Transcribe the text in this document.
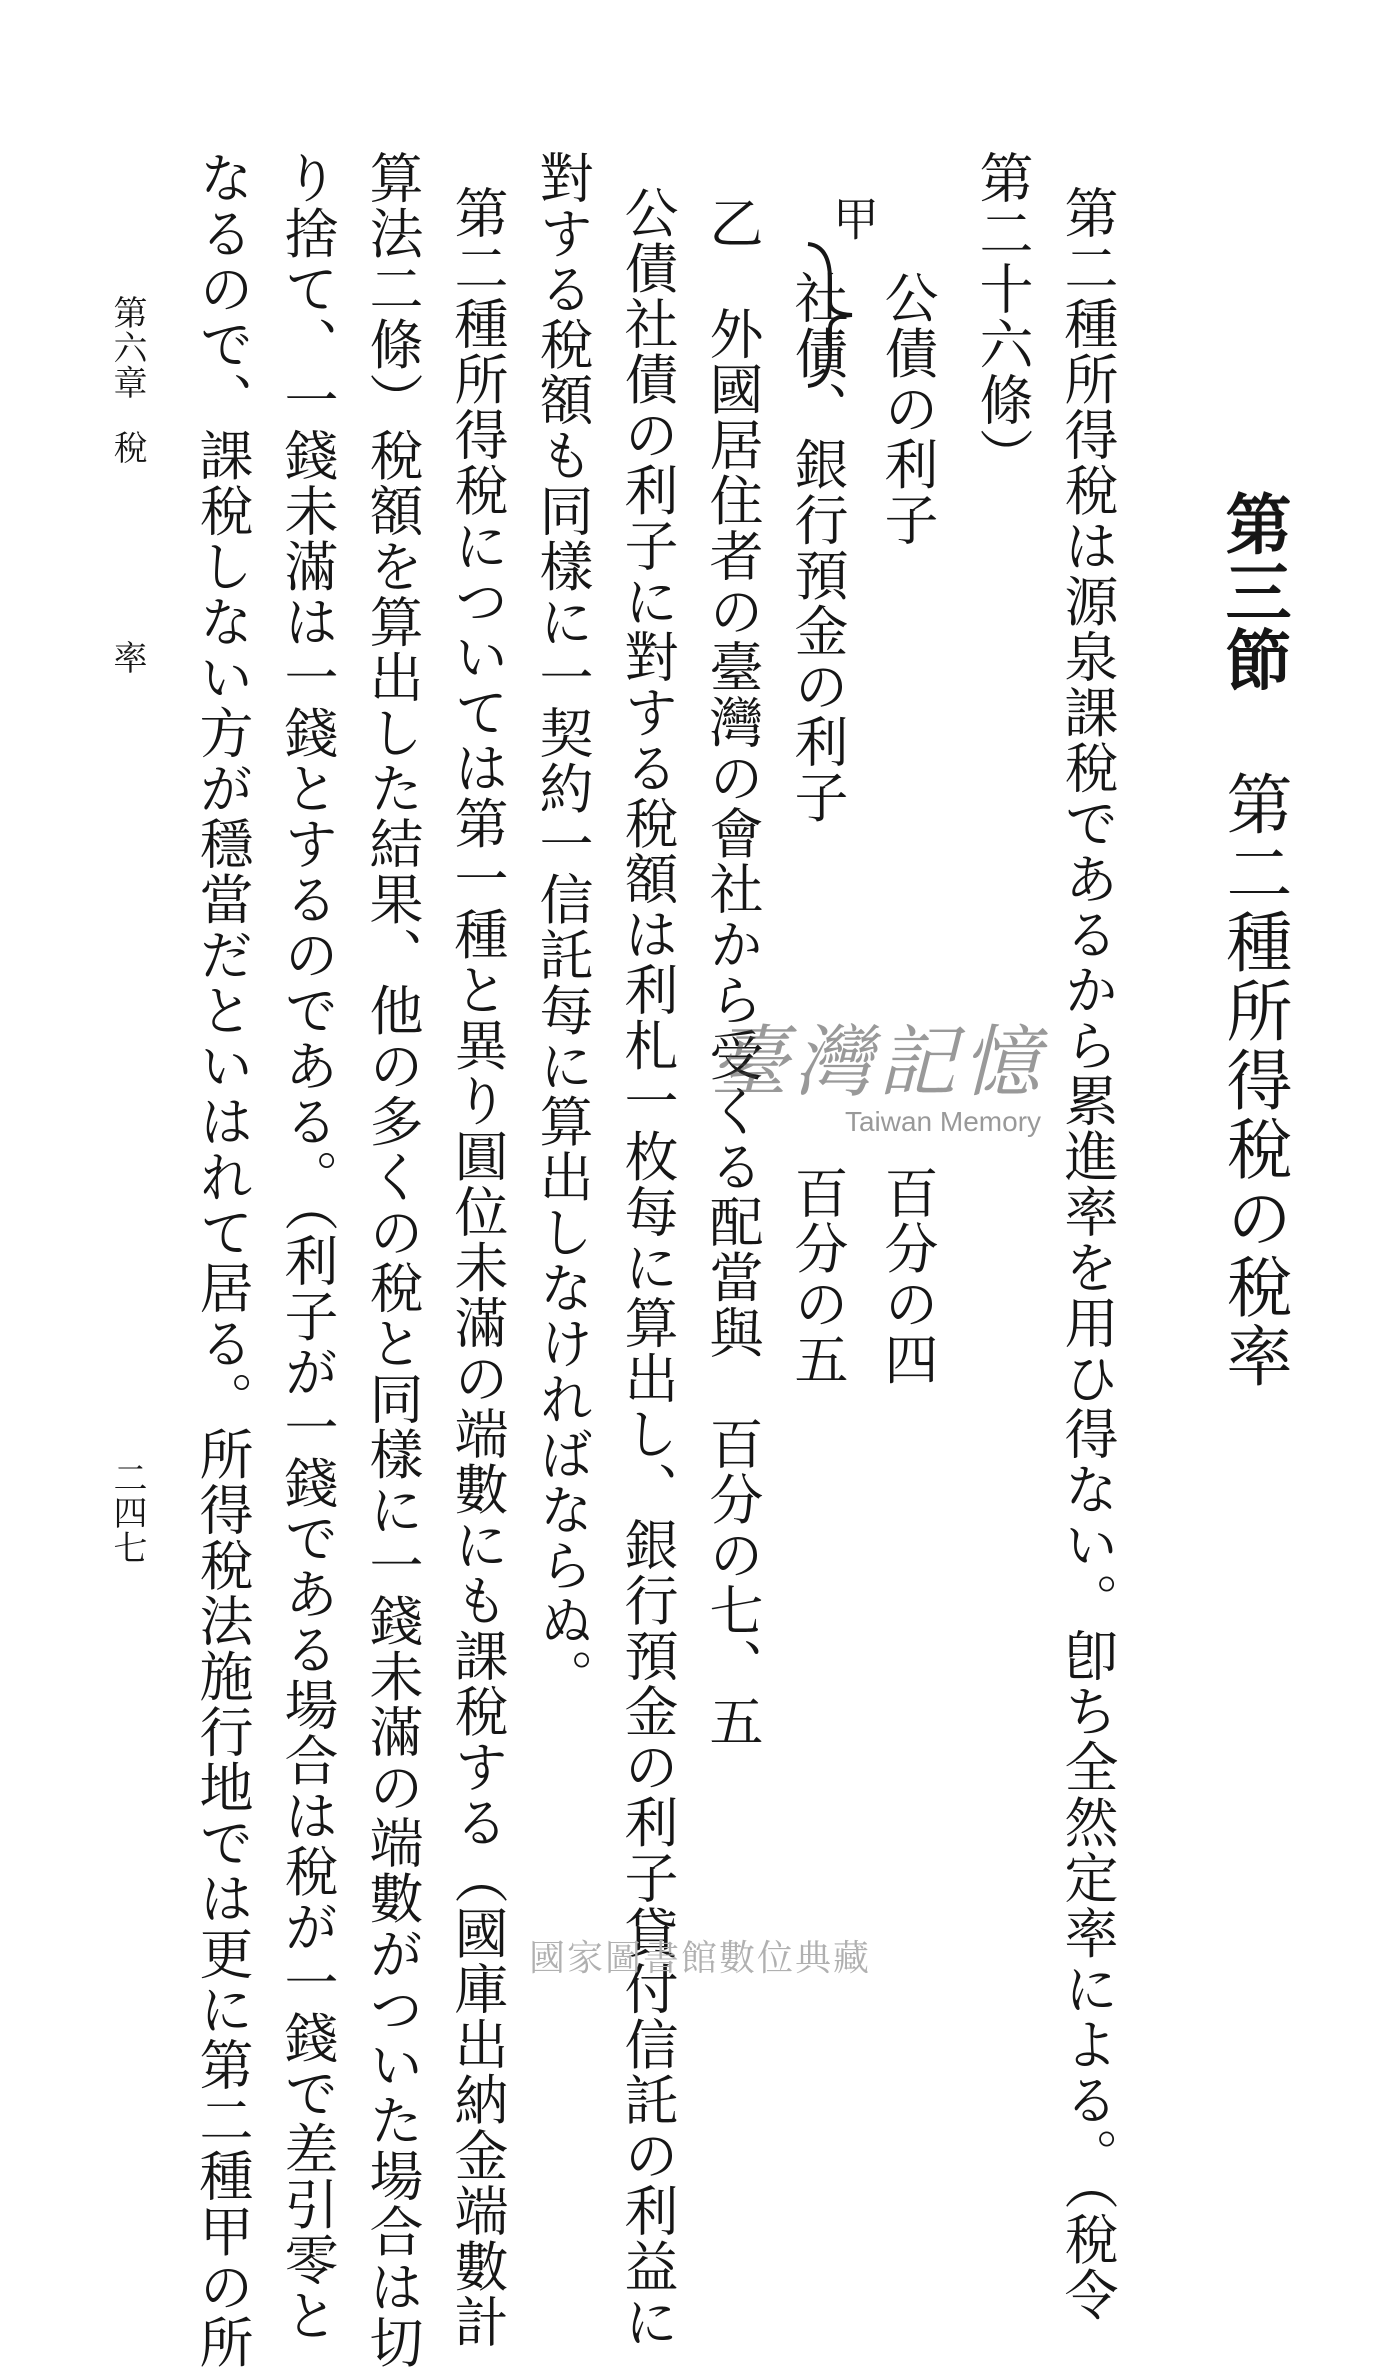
第三節
第二種所得稅の稅率
第二種所得稅は源泉課稅であるから累進率を用ひ得ない。卽ち全然定率による。（稅令
第二十六條）
公債の利子
百分の四
甲
社債、銀行預金の利子
百分の五
乙　外國居住者の臺灣の會社から受くる配當與　百分の七、五
公債社債の利子に對する稅額は利札一枚每に算出し、銀行預金の利子貸付信託の利益に
對する稅額も同樣に一契約一信託每に算出しなければならぬ。
第二種所得稅については第一種と異り圓位未滿の端數にも課稅する（國庫出納金端數計
算法二條）稅額を算出した結果、他の多くの稅と同樣に一錢未滿の端數がついた場合は切
り捨て、一錢未滿は一錢とするのである。（利子が一錢である場合は稅が一錢で差引零と
なるので、課稅しない方が穩當だといはれて居る。所得稅法施行地では更に第二種甲の所
第六章
稅
率
二四七
臺灣記憶
Taiwan Memory
國家圖書館數位典藏
